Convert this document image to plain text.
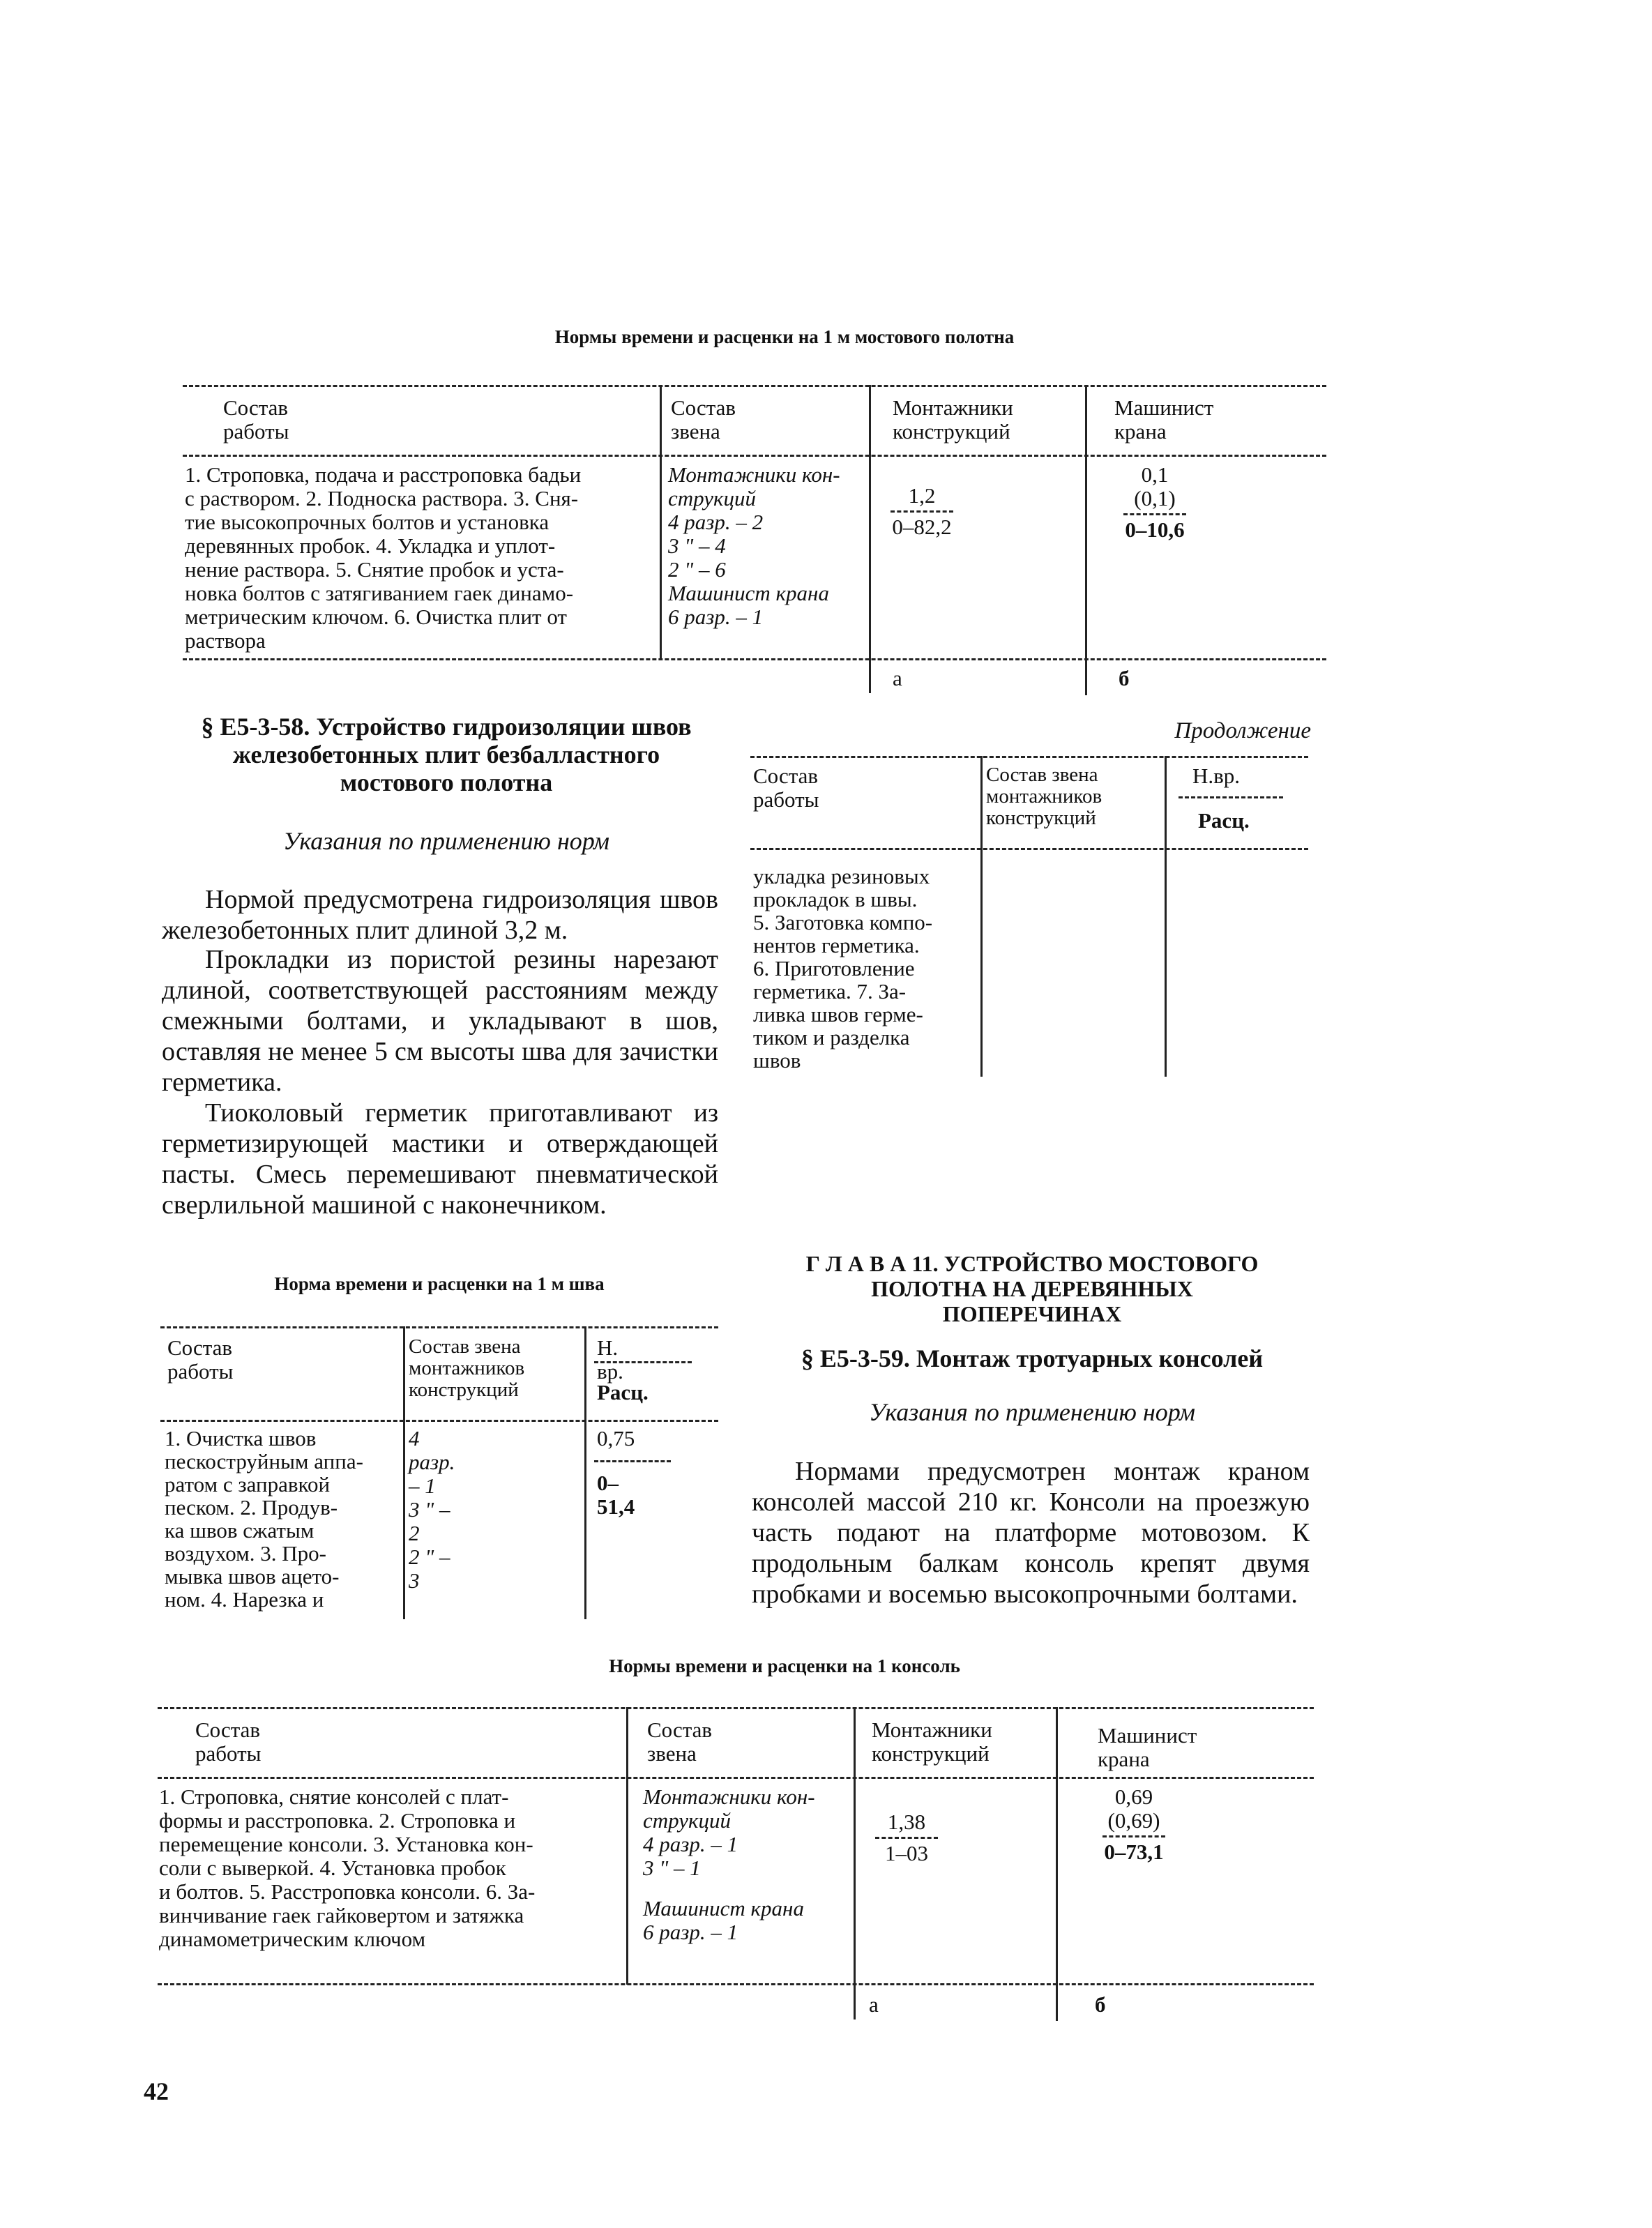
Нормы времени и расценки на 1 м мостового полотна
Состав работы
Состав звена
Монтажники
конструкций
Машинист
крана
1. Строповка, подача и расстроповка бадьи
с раствором. 2. Подноска раствора. 3. Сня-
тие высокопрочных болтов и установка
деревянных пробок. 4. Укладка и уплот-
нение раствора. 5. Снятие пробок и уста-
новка болтов с затягиванием гаек динамо-
метрическим ключом. 6. Очистка плит от
раствора
Монтажники кон-
струкций
4 разр. – 2
3 " – 4
2 " – 6
Машинист крана
6 разр. – 1
1,2
0–82,2
0,1
(0,1)
0–10,6
а	б
§ Е5-3-58. Устройство гидроизоляции швов
железобетонных плит безбалластного
мостового полотна
Указания по применению норм
Нормой предусмотрена гидроизоляция швов железобетонных плит длиной 3,2 м.
Прокладки из пористой резины нарезают длиной, соответствующей расстояниям между смежными болтами, и укладывают в шов, оставляя не менее 5 см высоты шва для зачистки герметика.
Тиоколовый герметик приготавливают из герметизирующей мастики и отверждающей пасты. Смесь перемешивают пневматической сверлильной машиной с наконечником.
Норма времени и расценки на 1 м шва
Состав работы
Состав звена
монтажников
конструкций
Н. вр.
Расц.
1. Очистка швов
пескоструйным аппа-
ратом с заправкой
песком. 2. Продув-
ка швов сжатым
воздухом. 3. Про-
мывка швов ацето-
ном. 4. Нарезка и
4 разр. – 1
3 " – 2
2 " – 3
0,75
0–51,4
Продолжение
Состав работы
Состав звена
монтажников
конструкций
Н.вр.
Расц.
укладка резиновых
прокладок в швы.
5. Заготовка компо-
нентов герметика.
6. Приготовление
герметика. 7. За-
ливка швов герме-
тиком и разделка
швов
Г Л А В А 11. УСТРОЙСТВО МОСТОВОГО
ПОЛОТНА НА ДЕРЕВЯННЫХ
ПОПЕРЕЧИНАХ
§ Е5-3-59. Монтаж тротуарных консолей
Указания по применению норм
Нормами предусмотрен монтаж краном консолей массой 210 кг. Консоли на проезжую часть подают на платформе мотовозом. К продольным балкам консоль крепят двумя пробками и восемью высокопрочными болтами.
Нормы времени и расценки на 1 консоль
Состав работы
Состав звена
Монтажники
конструкций
Машинист
крана
1. Строповка, снятие консолей с плат-
формы и расстроповка. 2. Строповка и
перемещение консоли. 3. Установка кон-
соли с выверкой. 4. Установка пробок
и болтов. 5. Расстроповка консоли. 6. За-
винчивание гаек гайковертом и затяжка
динамометрическим ключом
Монтажники кон-
струкций
4 разр. – 1
3 " – 1
Машинист крана
6 разр. – 1
1,38
1–03
0,69
(0,69)
0–73,1
а	б
42
